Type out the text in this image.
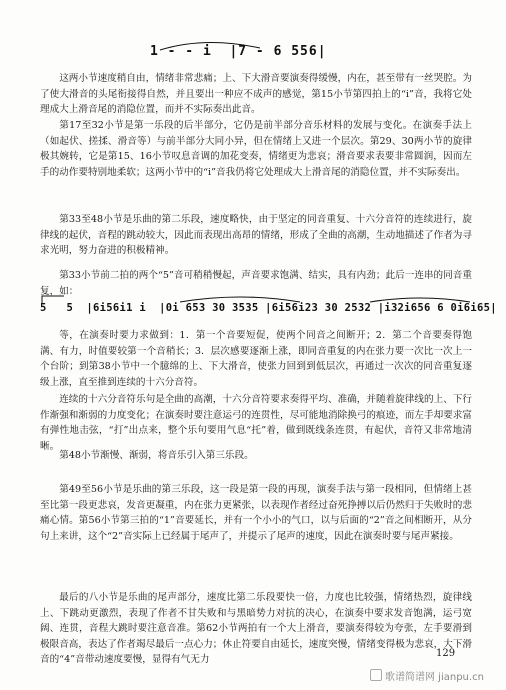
1 - - i  |7 - 6 556|

这两小节速度稍自由，情绪非常悲痛；上、下大滑音要演奏得缓慢，内在，甚至带有一丝哭腔。为了使大滑音的头尾衔接得自然，并且要出一种应不成声的感觉，第15小节第四拍上的“i”音，我将它处理成大上滑音尾的消隐位置，而并不实际奏出此音。

第17至32小节是第一乐段的后半部分，它仍是前半部分音乐材料的发展与变化。在演奏手法上（如起伏、搓揉、滑音等）与前半部分大同小异，但在情绪上又进一个层次。第29、30两小节的旋律极其婉转，它是第15、16小节叹息音调的加花变奏，情绪更为悲哀；滑音要求表要非常圆润，因而左手的动作要特别地柔软；这两小节中的“i”音我仍将它处理成大上滑音尾的消隐位置，并不实际奏出。

第33至48小节是乐曲的第二乐段，速度略快，由于坚定的同音重复、十六分音符的连续进行，旋律线的起伏，音程的跳动较大，因此而表现出高昂的情绪，形成了全曲的高潮，生动地描述了作者为寻求光明，努力奋进的积极精神。

第33小节前二拍的两个“5”音可稍稍慢起，声音要求饱满、结实，具有内劲；此后一连串的同音重复，如：

5   5  |6i56i1 i  |0i 653 30 3535 |6i56i23 30 2532 |i32i656 6 0i6i65|

等，在演奏时要力求做到：1．第一个音要短促，使两个同音之间断开；2．第二个音要奏得饱满、有力，时值要较第一个音稍长；3．层次感要逐渐上涨，即同音重复的内在张力要一次比一次上一个台阶；到第38小节中一个臆绵的上、下大滑音，使张力回到到低层次，再通过一次次的同音重复逐级上涨，直至推到连续的十六分音符。

连续的十六分音符乐句是全曲的高潮，十六分音符要求奏得平均、准确，并随着旋律线的上、下行作渐强和渐弱的力度变化；在演奏时要注意运弓的连贯性，尽可能地消除换弓的痕迹，而左手却要求富有弹性地击弦，“打”出点来，整个乐句要用气息“托”着，做到既线条连贯，有起伏，音符又非常地清晰。

第48小节渐慢、渐弱，将音乐引入第三乐段。

第49至56小节是乐曲的第三乐段，这一段是第一段的再现，演奏手法与第一段相同，但情绪上甚至比第一段更悲哀，发音更凝重，内在张力更紧张，以表现作者经过奋死挣搏以后仍然归于失败时的悲痛心情。第56小节第三拍的“1”音要延长，并有一个小小的气口，以与后面的“2”音之间相断开，从分句上来讲，这个“2”音实际上已经属于尾声了，并提示了尾声的速度，因此在演奏时要与尾声紧接。

最后的八小节是乐曲的尾声部分，速度比第二乐段要快一倍，力度也比较强，情绪热烈，旋律线上、下跳动更激烈，表现了作者不甘失败和与黑暗势力对抗的决心，在演奏中要求发音饱满，运弓宽阔、连贯，音程大跳时要注意音准。第62小节两拍有一个大上滑音，要演奏得较为夸张，左手要滑到极限音高，表达了作者竭尽最后一点心力；休止符要自由延长，速度突慢，情绪变得极为悲哀，大下滑音的“4”音带动速度要慢，显得有气无力

129
歌谱简谱网 jianpu.cn
